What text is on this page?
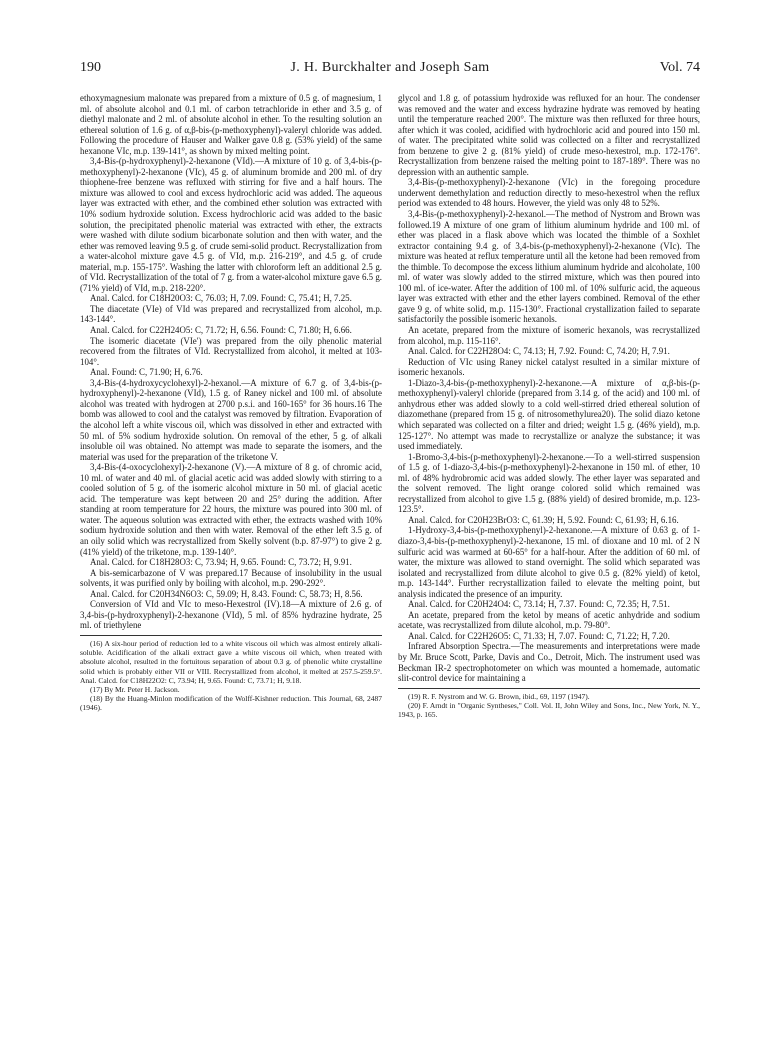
190	J. H. Burckhalter and Joseph Sam	Vol. 74

ethoxymagnesium malonate was prepared from a mixture of 0.5 g. of magnesium, 1 ml. of absolute alcohol and 0.1 ml. of carbon tetrachloride in ether and 3.5 g. of diethyl malonate and 2 ml. of absolute alcohol in ether. To the resulting solution an ethereal solution of 1.6 g. of α,β-bis-(p-methoxyphenyl)-valeryl chloride was added. Following the procedure of Hauser and Walker gave 0.8 g. (53% yield) of the same hexanone VIc, m.p. 139-141°, as shown by mixed melting point.

3,4-Bis-(p-hydroxyphenyl)-2-hexanone (VId).—A mixture of 10 g. of 3,4-bis-(p-methoxyphenyl)-2-hexanone (VIc), 45 g. of aluminum bromide and 200 ml. of dry thiophene-free benzene was refluxed with stirring for five and a half hours. The mixture was allowed to cool and excess hydrochloric acid was added. The aqueous layer was extracted with ether, and the combined ether solution was extracted with 10% sodium hydroxide solution. Excess hydrochloric acid was added to the basic solution, the precipitated phenolic material was extracted with ether, the extracts were washed with dilute sodium bicarbonate solution and then with water, and the ether was removed leaving 9.5 g. of crude semi-solid product. Recrystallization from a water-alcohol mixture gave 4.5 g. of VId, m.p. 216-219°, and 4.5 g. of crude material, m.p. 155-175°. Washing the latter with chloroform left an additional 2.5 g. of VId. Recrystallization of the total of 7 g. from a water-alcohol mixture gave 6.5 g. (71% yield) of VId, m.p. 218-220°.

Anal. Calcd. for C18H20O3: C, 76.03; H, 7.09. Found: C, 75.41; H, 7.25.

The diacetate (VIe) of VId was prepared and recrystallized from alcohol, m.p. 143-144°.

Anal. Calcd. for C22H24O5: C, 71.72; H, 6.56. Found: C, 71.80; H, 6.66.

The isomeric diacetate (VIe′) was prepared from the oily phenolic material recovered from the filtrates of VId. Recrystallized from alcohol, it melted at 103-104°.

Anal. Found: C, 71.90; H, 6.76.

3,4-Bis-(4-hydroxycyclohexyl)-2-hexanol.—A mixture of 6.7 g. of 3,4-bis-(p-hydroxyphenyl)-2-hexanone (VId), 1.5 g. of Raney nickel and 100 ml. of absolute alcohol was treated with hydrogen at 2700 p.s.i. and 160-165° for 36 hours.16 The bomb was allowed to cool and the catalyst was removed by filtration. Evaporation of the alcohol left a white viscous oil, which was dissolved in ether and extracted with 50 ml. of 5% sodium hydroxide solution. On removal of the ether, 5 g. of alkali insoluble oil was obtained. No attempt was made to separate the isomers, and the material was used for the preparation of the triketone V.

3,4-Bis-(4-oxocyclohexyl)-2-hexanone (V).—A mixture of 8 g. of chromic acid, 10 ml. of water and 40 ml. of glacial acetic acid was added slowly with stirring to a cooled solution of 5 g. of the isomeric alcohol mixture in 50 ml. of glacial acetic acid. The temperature was kept between 20 and 25° during the addition. After standing at room temperature for 22 hours, the mixture was poured into 300 ml. of water. The aqueous solution was extracted with ether, the extracts washed with 10% sodium hydroxide solution and then with water. Removal of the ether left 3.5 g. of an oily solid which was recrystallized from Skelly solvent (b.p. 87-97°) to give 2 g. (41% yield) of the triketone, m.p. 139-140°.

Anal. Calcd. for C18H28O3: C, 73.94; H, 9.65. Found: C, 73.72; H, 9.91.

A bis-semicarbazone of V was prepared.17 Because of insolubility in the usual solvents, it was purified only by boiling with alcohol, m.p. 290-292°.

Anal. Calcd. for C20H34N6O3: C, 59.09; H, 8.43. Found: C, 58.73; H, 8.56.

Conversion of VId and VIc to meso-Hexestrol (IV).18—A mixture of 2.6 g. of 3,4-bis-(p-hydroxyphenyl)-2-hexanone (VId), 5 ml. of 85% hydrazine hydrate, 25 ml. of triethylene

(16) A six-hour period of reduction led to a white viscous oil which was almost entirely alkali-soluble. Acidification of the alkali extract gave a white viscous oil which, when treated with absolute alcohol, resulted in the fortuitous separation of about 0.3 g. of phenolic white crystalline solid which is probably either VII or VIII. Recrystallized from alcohol, it melted at 257.5-259.5°. Anal. Calcd. for C18H22O2: C, 73.94; H, 9.65. Found: C, 73.71; H, 9.18.

(17) By Mr. Peter H. Jackson.

(18) By the Huang-Minlon modification of the Wolff-Kishner reduction. This Journal, 68, 2487 (1946).

glycol and 1.8 g. of potassium hydroxide was refluxed for an hour. The condenser was removed and the water and excess hydrazine hydrate was removed by heating until the temperature reached 200°. The mixture was then refluxed for three hours, after which it was cooled, acidified with hydrochloric acid and poured into 150 ml. of water. The precipitated white solid was collected on a filter and recrystallized from benzene to give 2 g. (81% yield) of crude meso-hexestrol, m.p. 172-176°. Recrystallization from benzene raised the melting point to 187-189°. There was no depression with an authentic sample.

3,4-Bis-(p-methoxyphenyl)-2-hexanone (VIc) in the foregoing procedure underwent demethylation and reduction directly to meso-hexestrol when the reflux period was extended to 48 hours. However, the yield was only 48 to 52%.

3,4-Bis-(p-methoxyphenyl)-2-hexanol.—The method of Nystrom and Brown was followed.19 A mixture of one gram of lithium aluminum hydride and 100 ml. of ether was placed in a flask above which was located the thimble of a Soxhlet extractor containing 9.4 g. of 3,4-bis-(p-methoxyphenyl)-2-hexanone (VIc). The mixture was heated at reflux temperature until all the ketone had been removed from the thimble. To decompose the excess lithium aluminum hydride and alcoholate, 100 ml. of water was slowly added to the stirred mixture, which was then poured into 100 ml. of ice-water. After the addition of 100 ml. of 10% sulfuric acid, the aqueous layer was extracted with ether and the ether layers combined. Removal of the ether gave 9 g. of white solid, m.p. 115-130°. Fractional crystallization failed to separate satisfactorily the possible isomeric hexanols.

An acetate, prepared from the mixture of isomeric hexanols, was recrystallized from alcohol, m.p. 115-116°.

Anal. Calcd. for C22H28O4: C, 74.13; H, 7.92. Found: C, 74.20; H, 7.91.

Reduction of VIc using Raney nickel catalyst resulted in a similar mixture of isomeric hexanols.

1-Diazo-3,4-bis-(p-methoxyphenyl)-2-hexanone.—A mixture of α,β-bis-(p-methoxyphenyl)-valeryl chloride (prepared from 3.14 g. of the acid) and 100 ml. of anhydrous ether was added slowly to a cold well-stirred dried ethereal solution of diazomethane (prepared from 15 g. of nitrosomethylurea20). The solid diazo ketone which separated was collected on a filter and dried; weight 1.5 g. (46% yield), m.p. 125-127°. No attempt was made to recrystallize or analyze the substance; it was used immediately.

1-Bromo-3,4-bis-(p-methoxyphenyl)-2-hexanone.—To a well-stirred suspension of 1.5 g. of 1-diazo-3,4-bis-(p-methoxyphenyl)-2-hexanone in 150 ml. of ether, 10 ml. of 48% hydrobromic acid was added slowly. The ether layer was separated and the solvent removed. The light orange colored solid which remained was recrystallized from alcohol to give 1.5 g. (88% yield) of desired bromide, m.p. 123-123.5°.

Anal. Calcd. for C20H23BrO3: C, 61.39; H, 5.92. Found: C, 61.93; H, 6.16.

1-Hydroxy-3,4-bis-(p-methoxyphenyl)-2-hexanone.—A mixture of 0.63 g. of 1-diazo-3,4-bis-(p-methoxyphenyl)-2-hexanone, 15 ml. of dioxane and 10 ml. of 2 N sulfuric acid was warmed at 60-65° for a half-hour. After the addition of 60 ml. of water, the mixture was allowed to stand overnight. The solid which separated was isolated and recrystallized from dilute alcohol to give 0.5 g. (82% yield) of ketol, m.p. 143-144°. Further recrystallization failed to elevate the melting point, but analysis indicated the presence of an impurity.

Anal. Calcd. for C20H24O4: C, 73.14; H, 7.37. Found: C, 72.35; H, 7.51.

An acetate, prepared from the ketol by means of acetic anhydride and sodium acetate, was recrystallized from dilute alcohol, m.p. 79-80°.

Anal. Calcd. for C22H26O5: C, 71.33; H, 7.07. Found: C, 71.22; H, 7.20.

Infrared Absorption Spectra.—The measurements and interpretations were made by Mr. Bruce Scott, Parke, Davis and Co., Detroit, Mich. The instrument used was Beckman IR-2 spectrophotometer on which was mounted a homemade, automatic slit-control device for maintaining a

(19) R. F. Nystrom and W. G. Brown, ibid., 69, 1197 (1947).

(20) F. Arndt in "Organic Syntheses," Coll. Vol. II, John Wiley and Sons, Inc., New York, N. Y., 1943, p. 165.
